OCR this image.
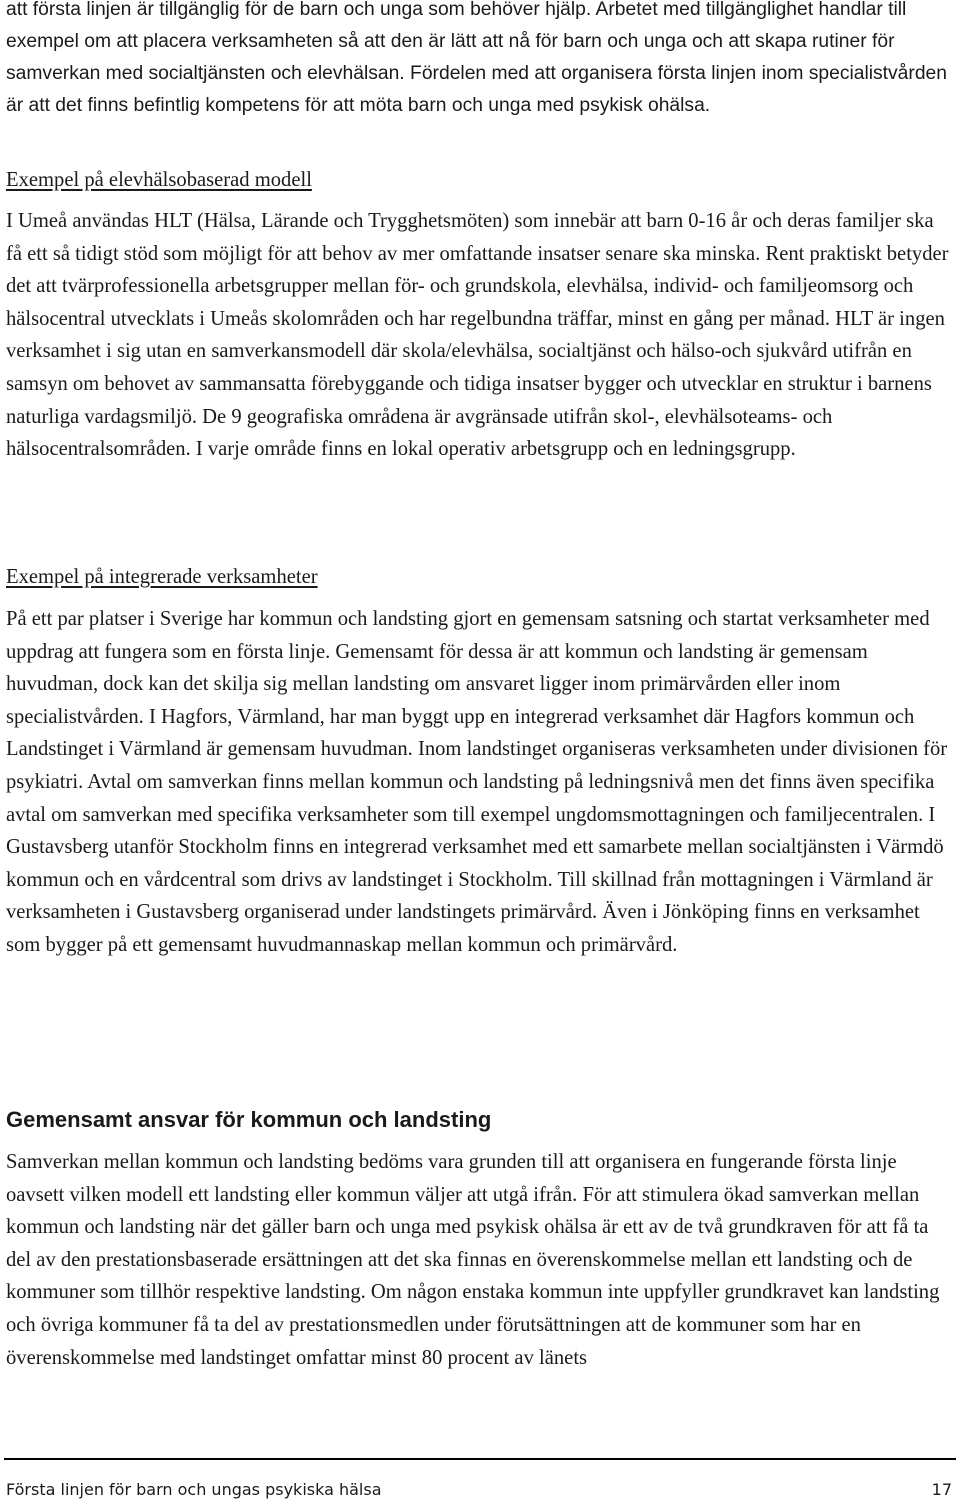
att första linjen är tillgänglig för de barn och unga som behöver hjälp. Arbetet med tillgänglighet handlar till exempel om att placera verksamheten så att den är lätt att nå för barn och unga och att skapa rutiner för samverkan med socialtjänsten och elevhälsan. Fördelen med att organisera första linjen inom specialistvården är att det finns befintlig kompetens för att möta barn och unga med psykisk ohälsa.

Exempel på elevhälsobaserad modell

I Umeå användas HLT (Hälsa, Lärande och Trygghetsmöten) som innebär att barn 0-16 år och deras familjer ska få ett så tidigt stöd som möjligt för att behov av mer omfattande insatser senare ska minska. Rent praktiskt betyder det att tvärprofessionella arbetsgrupper mellan för- och grundskola, elevhälsa, individ- och familjeomsorg och hälsocentral utvecklats i Umeås skolområden och har regelbundna träffar, minst en gång per månad. HLT är ingen verksamhet i sig utan en samverkansmodell där skola/elevhälsa, socialtjänst och hälso-och sjukvård utifrån en samsyn om behovet av sammansatta förebyggande och tidiga insatser bygger och utvecklar en struktur i barnens naturliga vardagsmiljö. De 9 geografiska områdena är avgränsade utifrån skol-, elevhälsoteams- och hälsocentralsområden. I varje område finns en lokal operativ arbetsgrupp och en ledningsgrupp.

Exempel på integrerade verksamheter

På ett par platser i Sverige har kommun och landsting gjort en gemensam satsning och startat verksamheter med uppdrag att fungera som en första linje. Gemensamt för dessa är att kommun och landsting är gemensam huvudman, dock kan det skilja sig mellan landsting om ansvaret ligger inom primärvården eller inom specialistvården. I Hagfors, Värmland, har man byggt upp en integrerad verksamhet där Hagfors kommun och Landstinget i Värmland är gemensam huvudman. Inom landstinget organiseras verksamheten under divisionen för psykiatri. Avtal om samverkan finns mellan kommun och landsting på ledningsnivå men det finns även specifika avtal om samverkan med specifika verksamheter som till exempel ungdomsmottagningen och familjecentralen. I Gustavsberg utanför Stockholm finns en integrerad verksamhet med ett samarbete mellan socialtjänsten i Värmdö kommun och en vårdcentral som drivs av landstinget i Stockholm. Till skillnad från mottagningen i Värmland är verksamheten i Gustavsberg organiserad under landstingets primärvård. Även i Jönköping finns en verksamhet som bygger på ett gemensamt huvudmannaskap mellan kommun och primärvård.

Gemensamt ansvar för kommun och landsting

Samverkan mellan kommun och landsting bedöms vara grunden till att organisera en fungerande första linje oavsett vilken modell ett landsting eller kommun väljer att utgå ifrån. För att stimulera ökad samverkan mellan kommun och landsting när det gäller barn och unga med psykisk ohälsa är ett av de två grundkraven för att få ta del av den prestationsbaserade ersättningen att det ska finnas en överenskommelse mellan ett landsting och de kommuner som tillhör respektive landsting. Om någon enstaka kommun inte uppfyller grundkravet kan landsting och övriga kommuner få ta del av prestationsmedlen under förutsättningen att de kommuner som har en överenskommelse med landstinget omfattar minst 80 procent av länets

Första linjen för barn och ungas psykiska hälsa	17
